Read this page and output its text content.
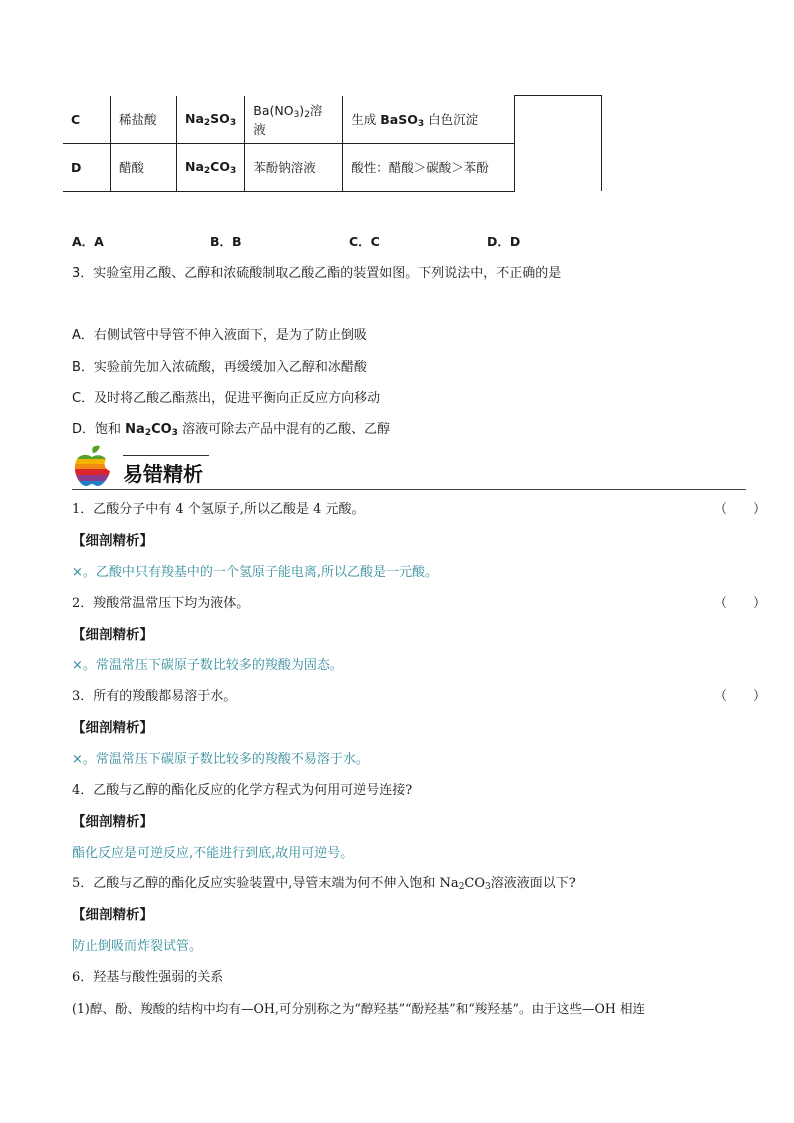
C	稀盐酸	$Na_2SO_3$	$Ba(NO_3)_2$溶液	生成 BaSO$_3$ 白色沉淀	
D	醋酸	$Na_2CO_3$	苯酚钠溶液	酸性：醋酸＞碳酸＞苯酚	
A．A	B．B	C．C	D．D
3．实验室用乙酸、乙醇和浓硫酸制取乙酸乙酯的装置如图。下列说法中，不正确的是
A．右侧试管中导管不伸入液面下，是为了防止倒吸
B．实验前先加入浓硫酸，再缓缓加入乙醇和冰醋酸
C．及时将乙酸乙酯蒸出，促进平衡向正反应方向移动
D．饱和 $Na_2CO_3$ 溶液可除去产品中混有的乙酸、乙醇
易错精析
1．乙酸分子中有 4 个氢原子,所以乙酸是 4 元酸。	（　　）
【细剖精析】
×。乙酸中只有羧基中的一个氢原子能电离,所以乙酸是一元酸。
2．羧酸常温常压下均为液体。	（　　）
【细剖精析】
×。常温常压下碳原子数比较多的羧酸为固态。
3．所有的羧酸都易溶于水。	（　　）
【细剖精析】
×。常温常压下碳原子数比较多的羧酸不易溶于水。
4．乙酸与乙醇的酯化反应的化学方程式为何用可逆号连接?
【细剖精析】
酯化反应是可逆反应,不能进行到底,故用可逆号。
5．乙酸与乙醇的酯化反应实验装置中,导管末端为何不伸入饱和 $Na_2CO_3$溶液液面以下?
【细剖精析】
防止倒吸而炸裂试管。
6．羟基与酸性强弱的关系
(1)醇、酚、羧酸的结构中均有—OH,可分别称之为“醇羟基”“酚羟基”和“羧羟基”。由于这些—OH 相连
